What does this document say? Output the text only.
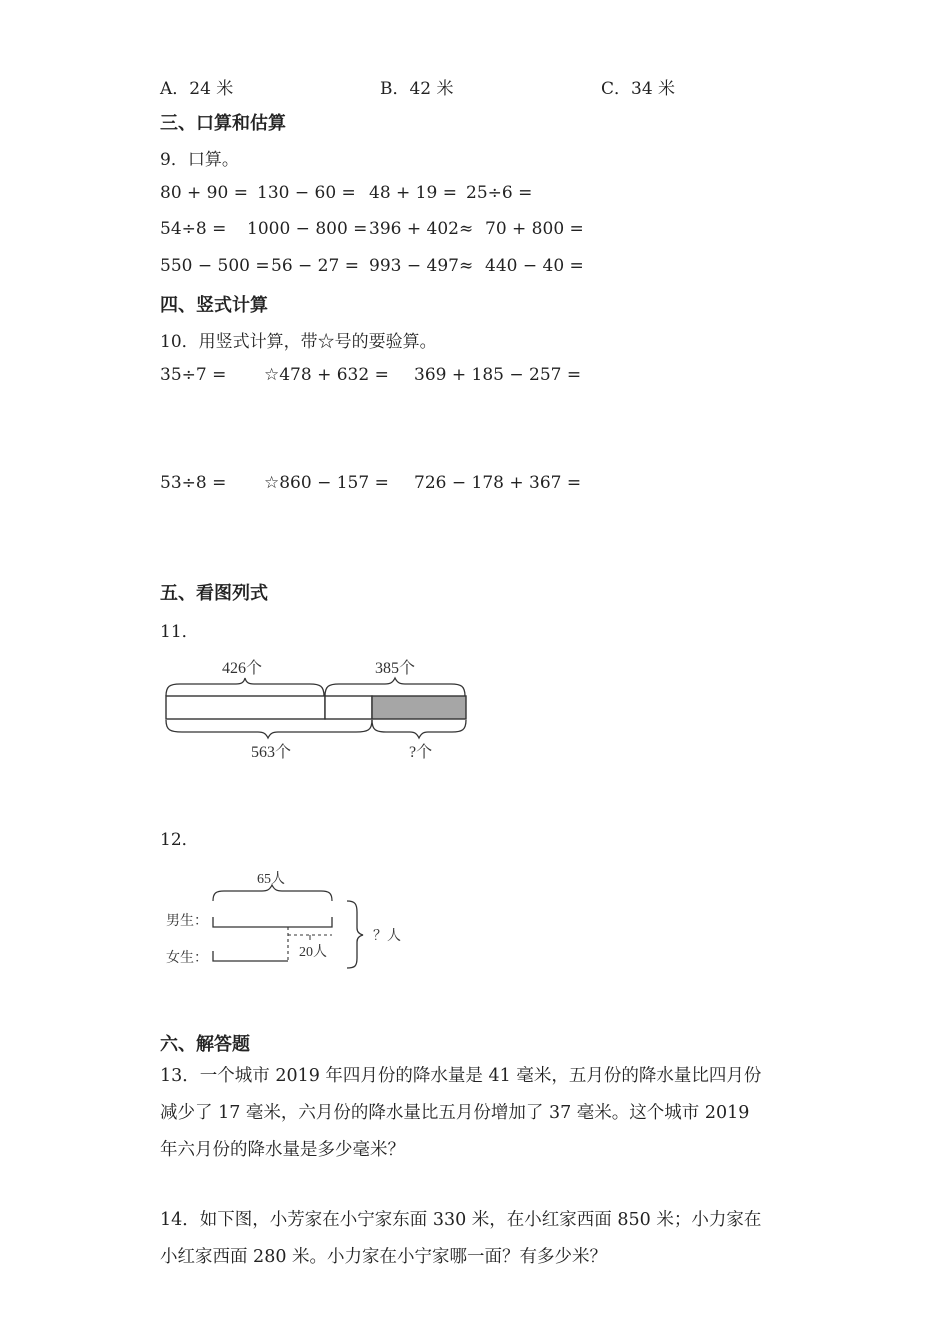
A．24 米	B．42 米	C．34 米
三、口算和估算
9．口算。
80 + 90 = 130 − 60 = 48 + 19 = 25÷6 =
54÷8 = 1000 − 800 = 396 + 402≈ 70 + 800 =
550 − 500 = 56 − 27 = 993 − 497≈ 440 − 40 =
四、竖式计算
10．用竖式计算，带☆号的要验算。
35÷7 = ☆478 + 632 = 369 + 185 − 257 =
53÷8 = ☆860 − 157 = 726 − 178 + 367 =
五、看图列式
11．
426个	385个
563个	?个
12．
65人
男生：
20人
女生：
？人
六、解答题
13．一个城市 2019 年四月份的降水量是 41 毫米，五月份的降水量比四月份
减少了 17 毫米，六月份的降水量比五月份增加了 37 毫米。这个城市 2019
年六月份的降水量是多少毫米？
14．如下图，小芳家在小宁家东面 330 米，在小红家西面 850 米；小力家在
小红家西面 280 米。小力家在小宁家哪一面？有多少米？
